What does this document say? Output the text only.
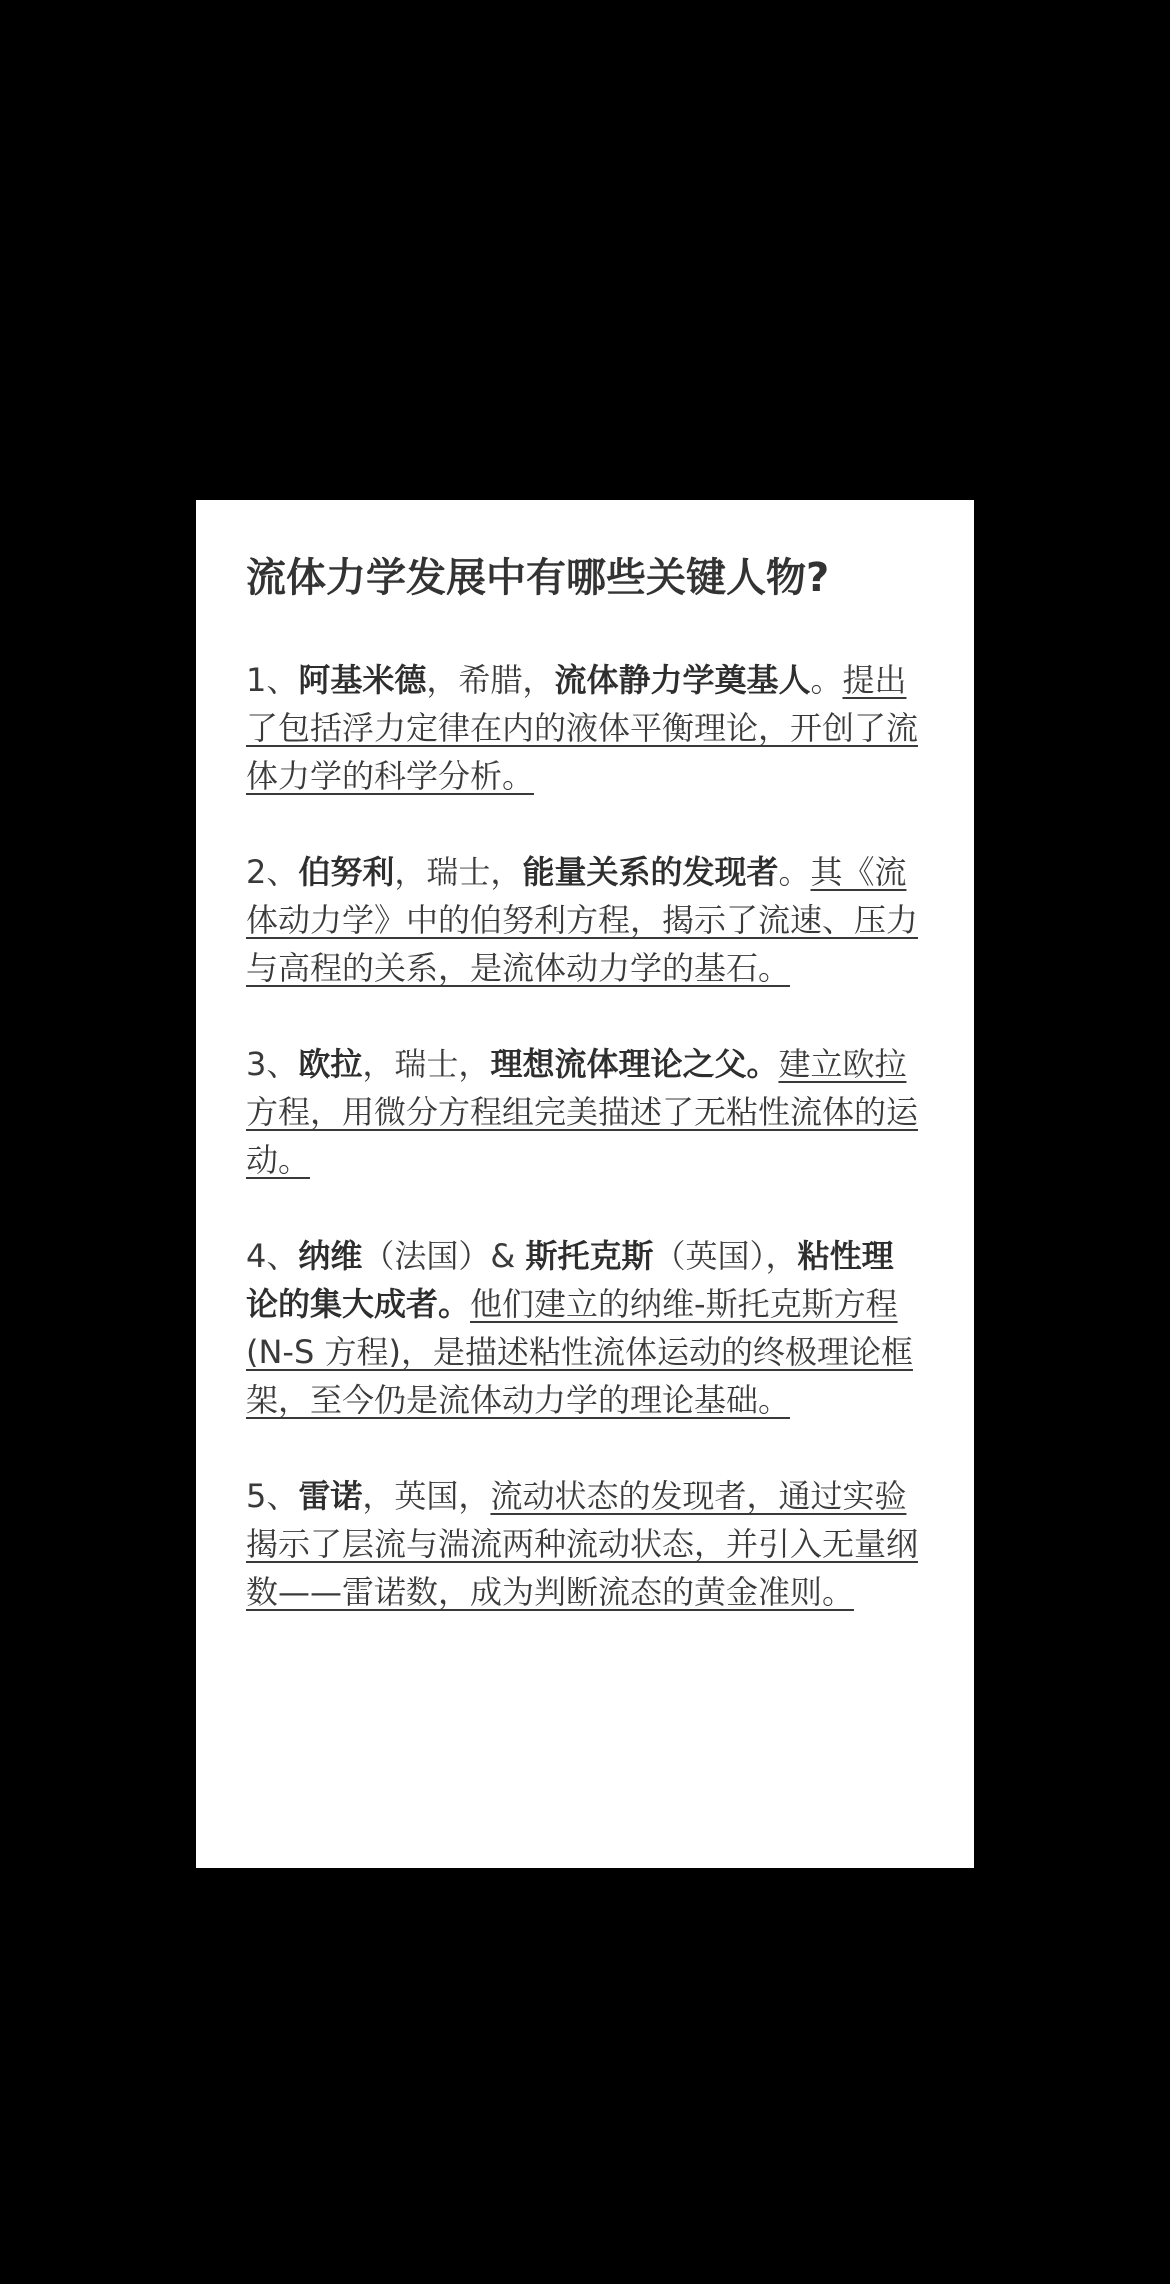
流体力学发展中有哪些关键人物?

1、阿基米德，希腊，流体静力学奠基人。提出了包括浮力定律在内的液体平衡理论，开创了流体力学的科学分析。

2、伯努利，瑞士，能量关系的发现者。其《流体动力学》中的伯努利方程，揭示了流速、压力与高程的关系，是流体动力学的基石。

3、欧拉，瑞士，理想流体理论之父。建立欧拉方程，用微分方程组完美描述了无粘性流体的运动。

4、纳维（法国）& 斯托克斯（英国），粘性理论的集大成者。他们建立的纳维-斯托克斯方程 (N-S 方程)，是描述粘性流体运动的终极理论框架，至今仍是流体动力学的理论基础。

5、雷诺，英国，流动状态的发现者，通过实验揭示了层流与湍流两种流动状态，并引入无量纲数——雷诺数，成为判断流态的黄金准则。
